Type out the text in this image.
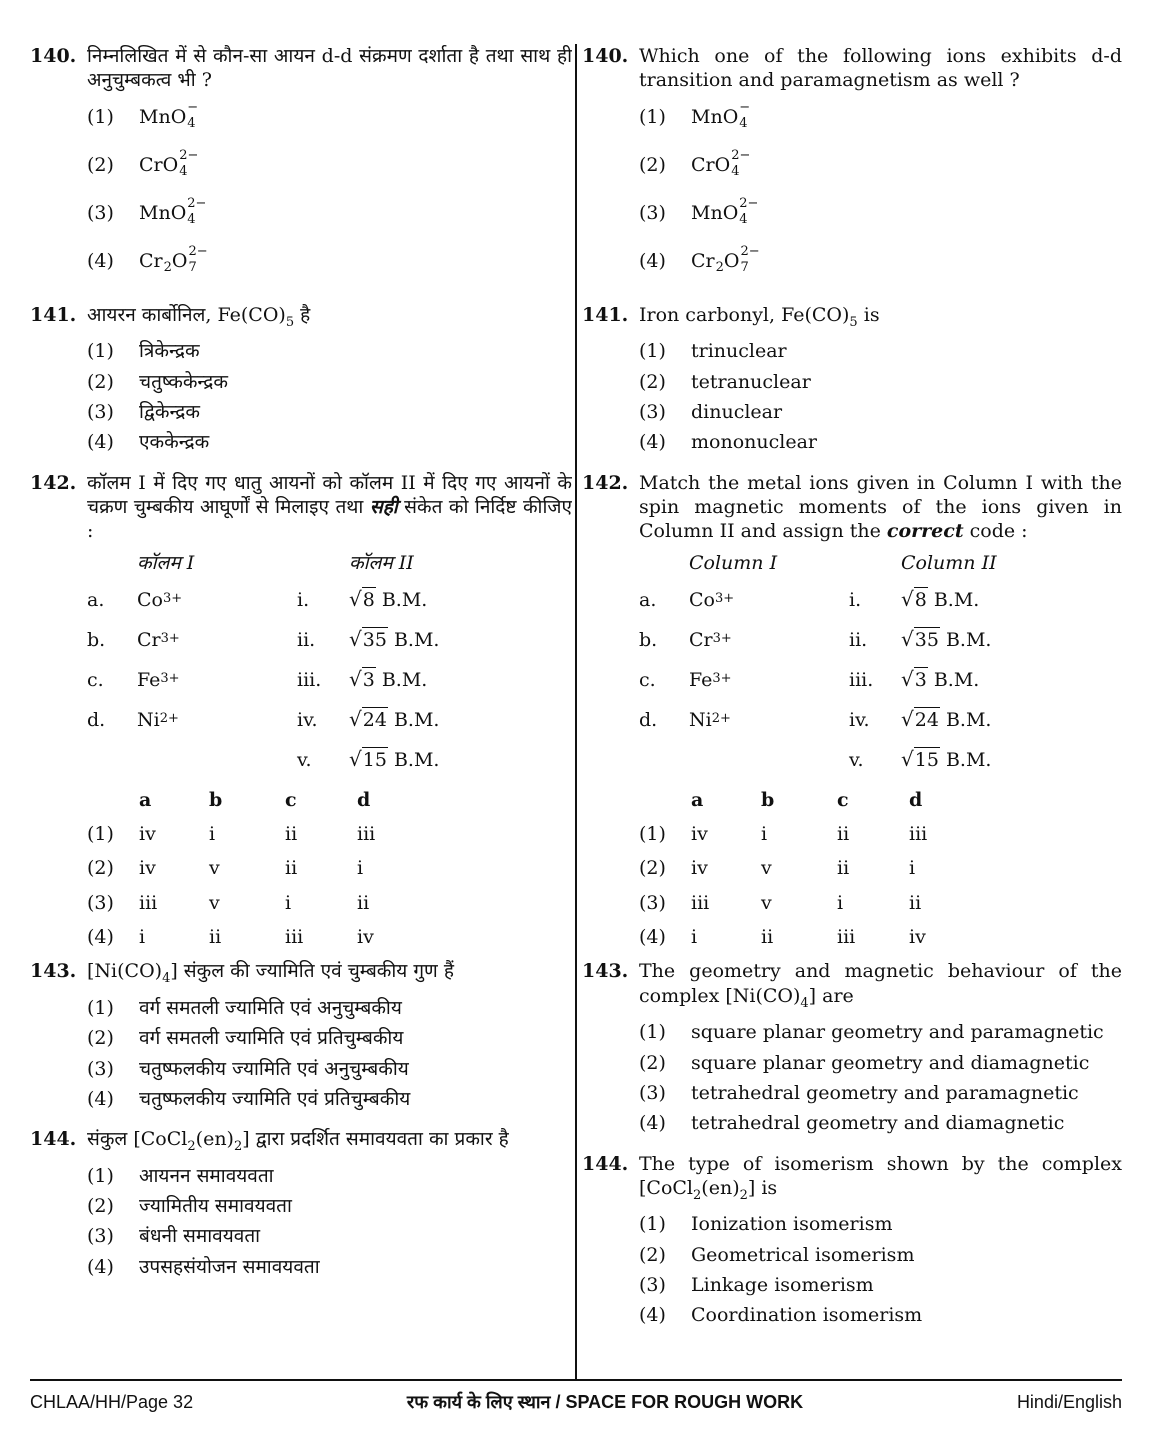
140. निम्नलिखित में से कौन-सा आयन d-d संक्रमण दर्शाता है तथा साथ ही अनुचुम्बकत्व भी ?
(1)	MnO −
4
(2)	CrO 2−
4
(3)	MnO 2−
4
(4)	Cr 2 O 2−
7
141. आयरन कार्बोनिल, $Fe(CO)_5$ है
(1)	त्रिकेन्द्रक
(2)	चतुष्ककेन्द्रक
(3)	द्विकेन्द्रक
(4)	एककेन्द्रक
142. कॉलम I में दिए गए धातु आयनों को कॉलम II में दिए गए आयनों के चक्रण चुम्बकीय आघूर्णों से मिलाइए तथा सही संकेत को निर्दिष्ट कीजिए :
कॉलम I	कॉलम II
a.	Co 3+	i.	√ 8 B.M.
b.	Cr 3+	ii.	√ 35 B.M.
c.	Fe 3+	iii.	√ 3 B.M.
d.	Ni 2+	iv.	√ 24 B.M.
v.	√ 15 B.M.
a	b	c	d
(1)	iv	i	ii	iii
(2)	iv	v	ii	i
(3)	iii	v	i	ii
(4)	i	ii	iii	iv
143. $[Ni(CO)_4]$ संकुल की ज्यामिति एवं चुम्बकीय गुण हैं
(1)	वर्ग समतली ज्यामिति एवं अनुचुम्बकीय
(2)	वर्ग समतली ज्यामिति एवं प्रतिचुम्बकीय
(3)	चतुष्फलकीय ज्यामिति एवं अनुचुम्बकीय
(4)	चतुष्फलकीय ज्यामिति एवं प्रतिचुम्बकीय
144. संकुल $[CoCl_2(en)_2]$ द्वारा प्रदर्शित समावयवता का प्रकार है
(1)	आयनन समावयवता
(2)	ज्यामितीय समावयवता
(3)	बंधनी समावयवता
(4)	उपसहसंयोजन समावयवता
140. Which one of the following ions exhibits d-d transition and paramagnetism as well ?
(1)	MnO −
4
(2)	CrO 2−
4
(3)	MnO 2−
4
(4)	Cr 2 O 2−
7
141. Iron carbonyl, $Fe(CO)_5$ is
(1)	trinuclear
(2)	tetranuclear
(3)	dinuclear
(4)	mononuclear
142. Match the metal ions given in Column I with the spin magnetic moments of the ions given in Column II and assign the correct code :
Column I	Column II
a.	Co 3+	i.	√ 8 B.M.
b.	Cr 3+	ii.	√ 35 B.M.
c.	Fe 3+	iii.	√ 3 B.M.
d.	Ni 2+	iv.	√ 24 B.M.
v.	√ 15 B.M.
a	b	c	d
(1)	iv	i	ii	iii
(2)	iv	v	ii	i
(3)	iii	v	i	ii
(4)	i	ii	iii	iv
143. The geometry and magnetic behaviour of the complex $[Ni(CO)_4]$ are
(1)	square planar geometry and paramagnetic
(2)	square planar geometry and diamagnetic
(3)	tetrahedral geometry and paramagnetic
(4)	tetrahedral geometry and diamagnetic
144. The type of isomerism shown by the complex $[CoCl_2(en)_2]$ is
(1)	Ionization isomerism
(2)	Geometrical isomerism
(3)	Linkage isomerism
(4)	Coordination isomerism
CHLAA/HH/Page 32	रफ कार्य के लिए स्थान / SPACE FOR ROUGH WORK	Hindi/English
